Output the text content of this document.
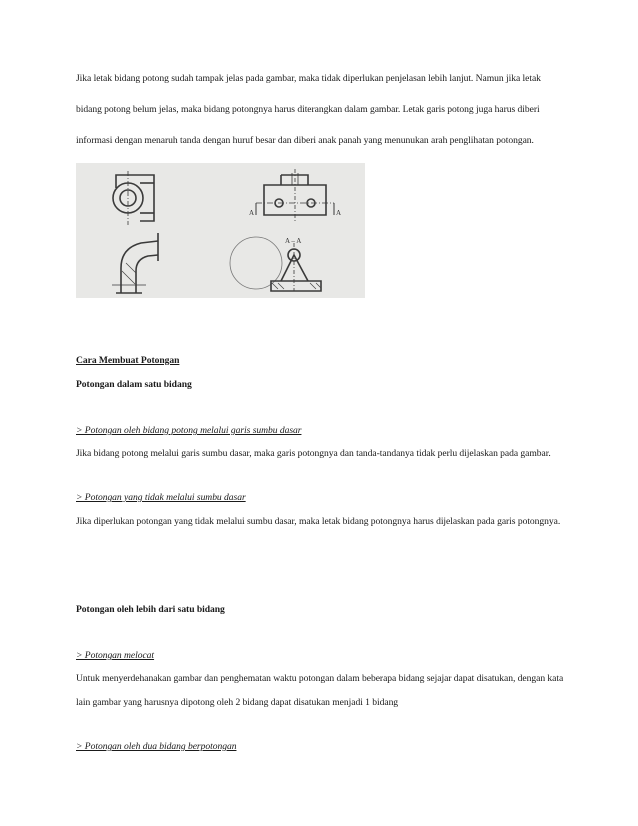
Jika letak bidang potong sudah tampak jelas pada gambar, maka tidak diperlukan penjelasan lebih lanjut. Namun jika letak
bidang potong belum jelas, maka bidang potongnya harus diterangkan dalam gambar. Letak garis potong juga harus diberi
informasi dengan menaruh tanda dengan huruf besar dan diberi anak panah yang menunukan arah penglihatan potongan.
A	A
A – A
Cara Membuat Potongan
Potongan dalam satu bidang
> Potongan oleh bidang potong melalui garis sumbu dasar
Jika bidang potong melalui garis sumbu dasar, maka garis potongnya dan tanda-tandanya tidak perlu dijelaskan pada gambar.
> Potongan yang tidak melalui sumbu dasar
Jika diperlukan potongan yang tidak melalui sumbu dasar, maka letak bidang potongnya harus dijelaskan pada garis potongnya.
Potongan oleh lebih dari satu bidang
> Potongan melocat
Untuk menyerdehanakan gambar dan penghematan waktu potongan dalam beberapa bidang sejajar dapat disatukan, dengan kata
lain gambar yang harusnya dipotong oleh 2 bidang dapat disatukan menjadi 1 bidang
> Potongan oleh dua bidang berpotongan
